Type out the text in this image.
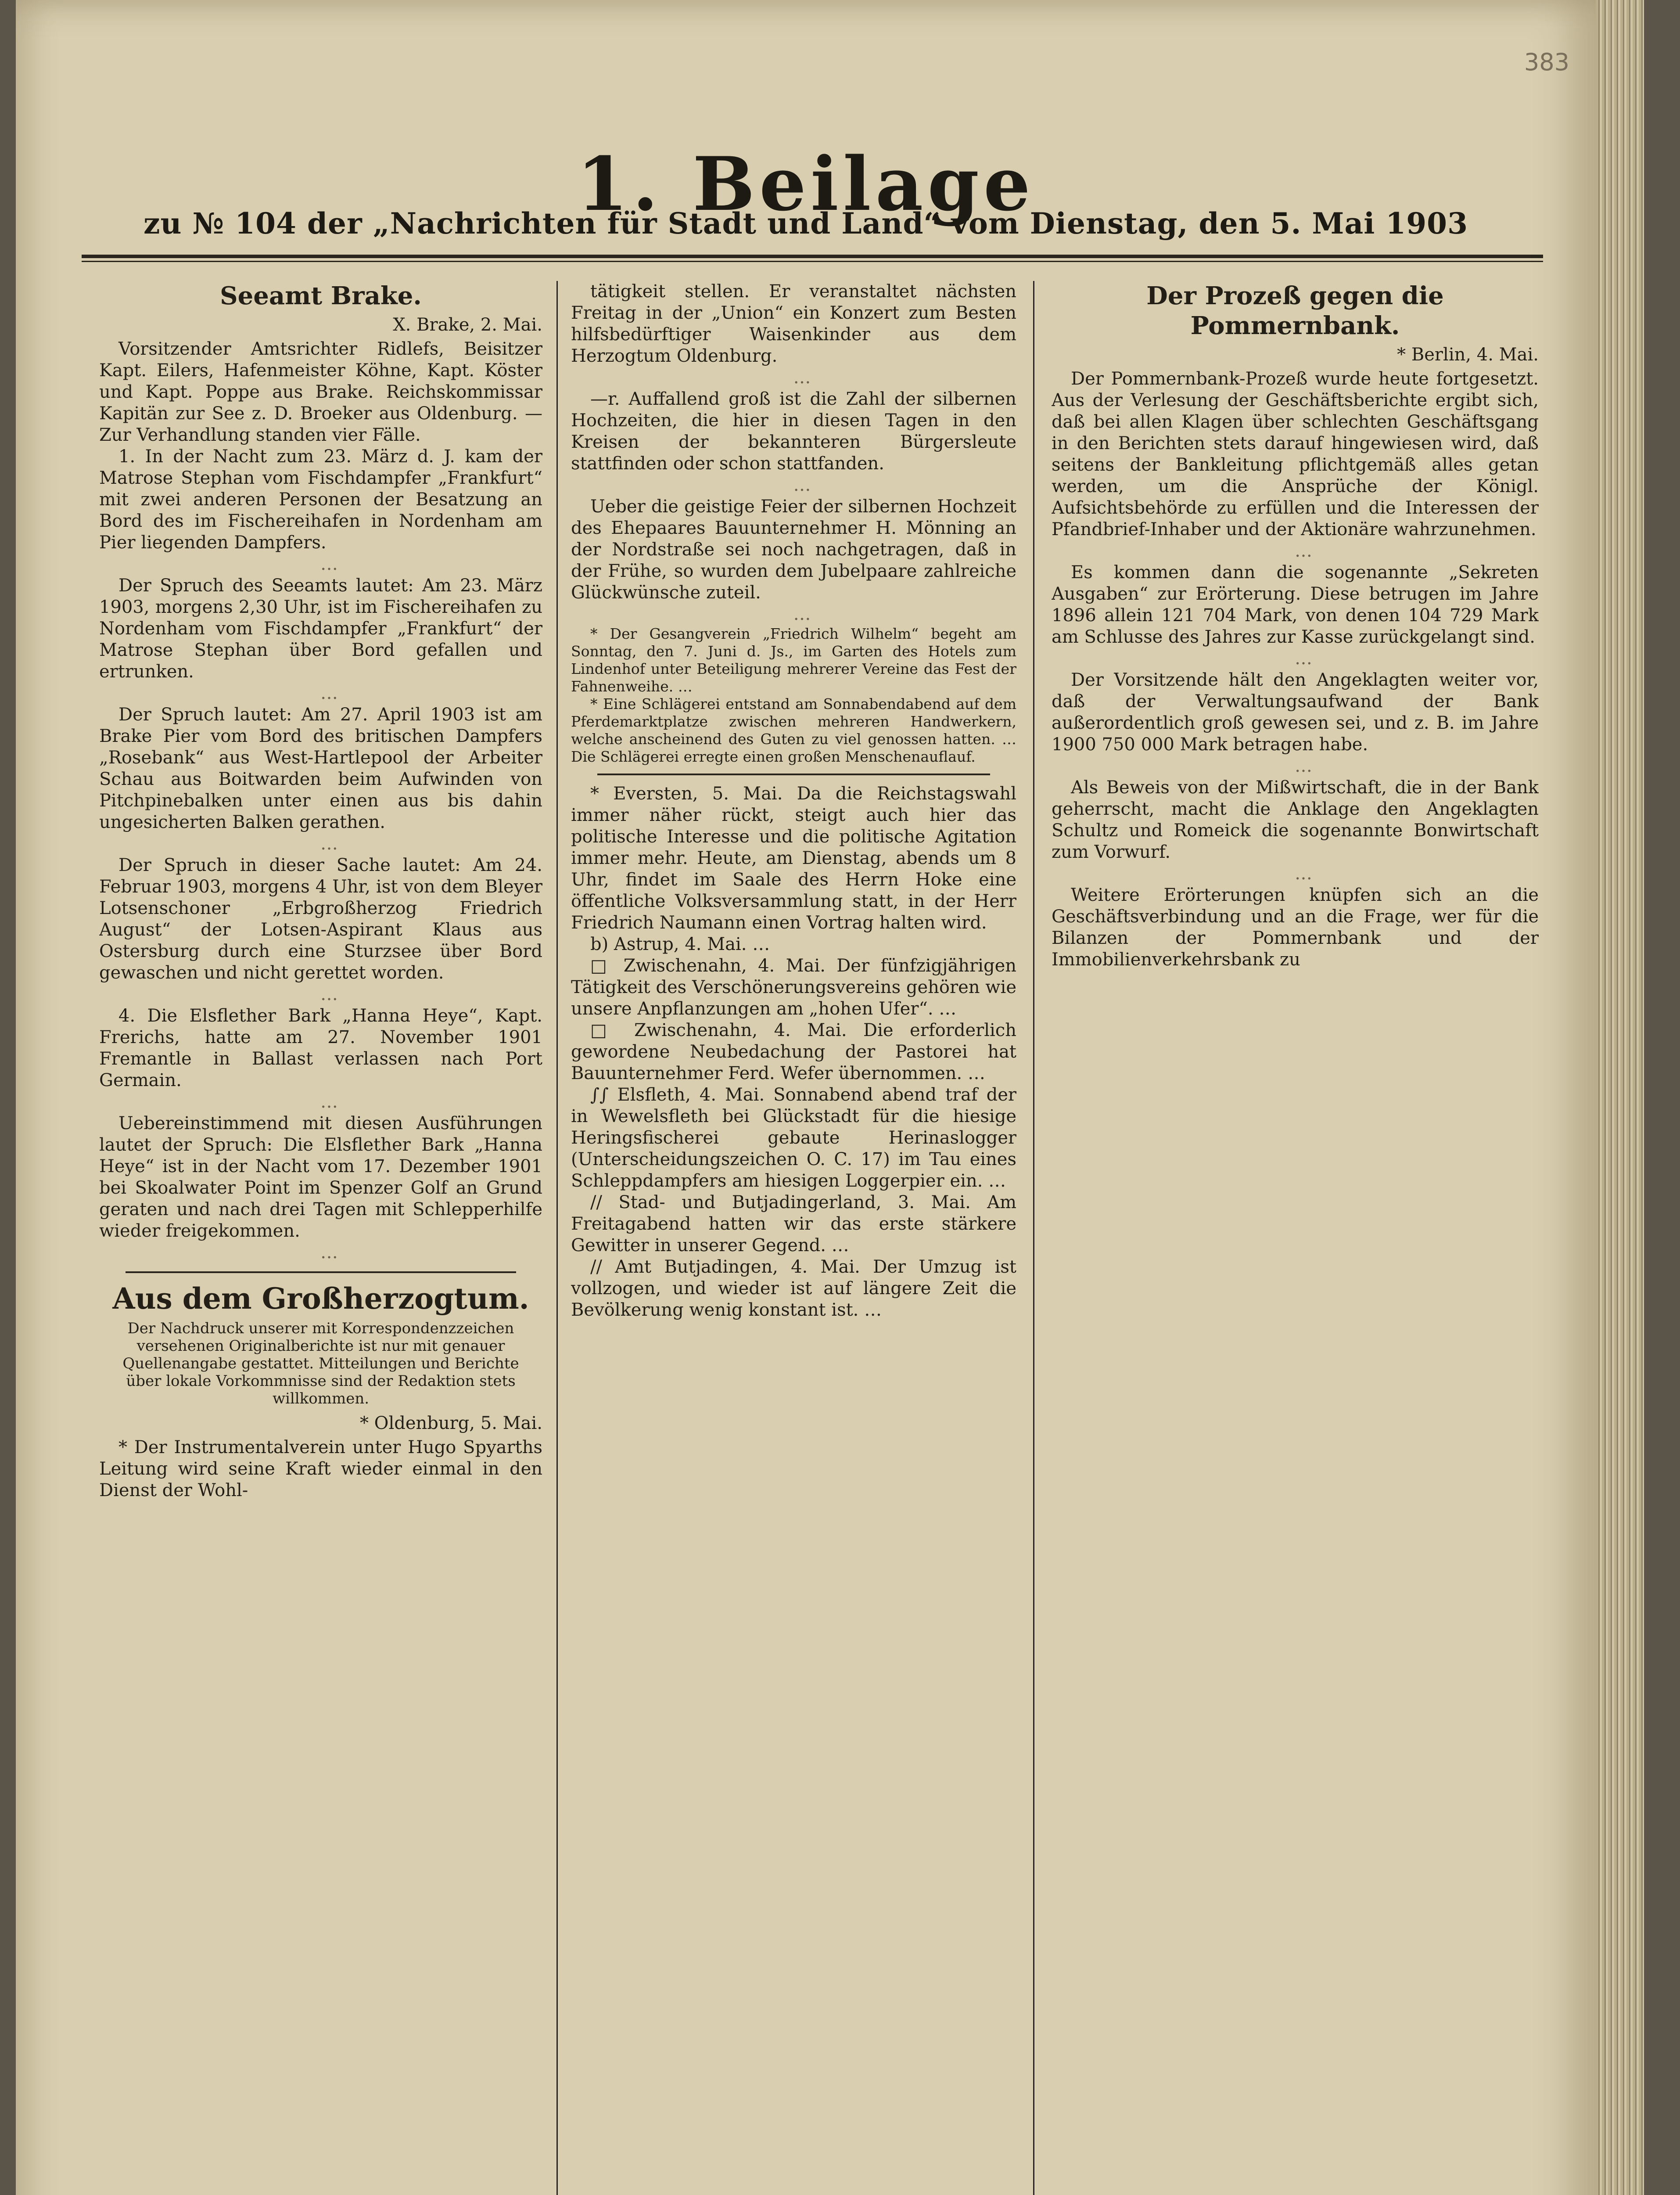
383
1. Beilage
zu № 104 der „Nachrichten für Stadt und Land“ vom Dienstag, den 5. Mai 1903
Seeamt Brake.
X. Brake, 2. Mai.

Vorsitzender Amtsrichter Ridlefs, Beisitzer Kapt. Eilers, Hafenmeister Köhne, Kapt. Köster und Kapt. Poppe aus Brake. Reichskommissar Kapitän zur See z. D. Broeker aus Oldenburg. — Zur Verhandlung standen vier Fälle.

1. In der Nacht zum 23. März d. J. kam der Matrose Stephan vom Fischdampfer „Frankfurt“ mit zwei anderen Personen der Besatzung an Bord des im Fischereihafen in Nordenham am Pier liegenden Dampfers.

…

Der Spruch des Seeamts lautet: Am 23. März 1903, morgens 2,30 Uhr, ist im Fischereihafen zu Nordenham vom Fischdampfer „Frankfurt“ der Matrose Stephan über Bord gefallen und ertrunken.

…

Der Spruch lautet: Am 27. April 1903 ist am Brake Pier vom Bord des britischen Dampfers „Rosebank“ aus West-Hartlepool der Arbeiter Schau aus Boitwarden beim Aufwinden von Pitchpinebalken unter einen aus bis dahin ungesicherten Balken gerathen.

…

Der Spruch in dieser Sache lautet: Am 24. Februar 1903, morgens 4 Uhr, ist von dem Bleyer Lotsenschoner „Erbgroßherzog Friedrich August“ der Lotsen-Aspirant Klaus aus Ostersburg durch eine Sturzsee über Bord gewaschen und nicht gerettet worden.

…

4. Die Elsflether Bark „Hanna Heye“, Kapt. Frerichs, hatte am 27. November 1901 Fremantle in Ballast verlassen nach Port Germain.

…

Uebereinstimmend mit diesen Ausführungen lautet der Spruch: Die Elsflether Bark „Hanna Heye“ ist in der Nacht vom 17. Dezember 1901 bei Skoalwater Point im Spenzer Golf an Grund geraten und nach drei Tagen mit Schlepperhilfe wieder freigekommen.

…

Aus dem Großherzogtum.
Der Nachdruck unserer mit Korrespondenzzeichen versehenen Originalberichte ist nur mit genauer Quellenangabe gestattet. Mitteilungen und Berichte über lokale Vorkommnisse sind der Redaktion stets willkommen.
* Oldenburg, 5. Mai.

* Der Instrumentalverein unter Hugo Spyarths Leitung wird seine Kraft wieder einmal in den Dienst der Wohl-

tätigkeit stellen. Er veranstaltet nächsten Freitag in der „Union“ ein Konzert zum Besten hilfsbedürftiger Waisenkinder aus dem Herzogtum Oldenburg.

…

—r. Auffallend groß ist die Zahl der silbernen Hochzeiten, die hier in diesen Tagen in den Kreisen der bekannteren Bürgersleute stattfinden oder schon stattfanden.

…

Ueber die geistige Feier der silbernen Hochzeit des Ehepaares Bauunternehmer H. Mönning an der Nordstraße sei noch nachgetragen, daß in der Frühe, so wurden dem Jubelpaare zahlreiche Glückwünsche zuteil.

…

* Der Gesangverein „Friedrich Wilhelm“ begeht am Sonntag, den 7. Juni d. Js., im Garten des Hotels zum Lindenhof unter Beteiligung mehrerer Vereine das Fest der Fahnenweihe. …

* Eine Schlägerei entstand am Sonnabendabend auf dem Pferdemarktplatze zwischen mehreren Handwerkern, welche anscheinend des Guten zu viel genossen hatten. … Die Schlägerei erregte einen großen Menschenauflauf.

* Eversten, 5. Mai. Da die Reichstagswahl immer näher rückt, steigt auch hier das politische Interesse und die politische Agitation immer mehr. Heute, am Dienstag, abends um 8 Uhr, findet im Saale des Herrn Hoke eine öffentliche Volksversammlung statt, in der Herr Friedrich Naumann einen Vortrag halten wird.

b) Astrup, 4. Mai. …

□ Zwischenahn, 4. Mai. Der fünfzigjährigen Tätigkeit des Verschönerungsvereins gehören wie unsere Anpflanzungen am „hohen Ufer“. …

□ Zwischenahn, 4. Mai. Die erforderlich gewordene Neubedachung der Pastorei hat Bauunternehmer Ferd. Wefer übernommen. …

∫∫ Elsfleth, 4. Mai. Sonnabend abend traf der in Wewelsfleth bei Glückstadt für die hiesige Heringsfischerei gebaute Herinaslogger (Unterscheidungszeichen O. C. 17) im Tau eines Schleppdampfers am hiesigen Loggerpier ein. …

// Stad- und Butjadingerland, 3. Mai. Am Freitagabend hatten wir das erste stärkere Gewitter in unserer Gegend. …

// Amt Butjadingen, 4. Mai. Der Umzug ist vollzogen, und wieder ist auf längere Zeit die Bevölkerung wenig konstant ist. …

Der Prozeß gegen die Pommernbank.
* Berlin, 4. Mai.

Der Pommernbank-Prozeß wurde heute fortgesetzt. Aus der Verlesung der Geschäftsberichte ergibt sich, daß bei allen Klagen über schlechten Geschäftsgang in den Berichten stets darauf hingewiesen wird, daß seitens der Bankleitung pflichtgemäß alles getan werden, um die Ansprüche der Königl. Aufsichtsbehörde zu erfüllen und die Interessen der Pfandbrief-Inhaber und der Aktionäre wahrzunehmen.

…

Es kommen dann die sogenannte „Sekreten Ausgaben“ zur Erörterung. Diese betrugen im Jahre 1896 allein 121 704 Mark, von denen 104 729 Mark am Schlusse des Jahres zur Kasse zurückgelangt sind.

…

Der Vorsitzende hält den Angeklagten weiter vor, daß der Verwaltungsaufwand der Bank außerordentlich groß gewesen sei, und z. B. im Jahre 1900 750 000 Mark betragen habe.

…

Als Beweis von der Mißwirtschaft, die in der Bank geherrscht, macht die Anklage den Angeklagten Schultz und Romeick die sogenannte Bonwirtschaft zum Vorwurf.

…

Weitere Erörterungen knüpfen sich an die Geschäftsverbindung und an die Frage, wer für die Bilanzen der Pommernbank und der Immobilienverkehrsbank zu
